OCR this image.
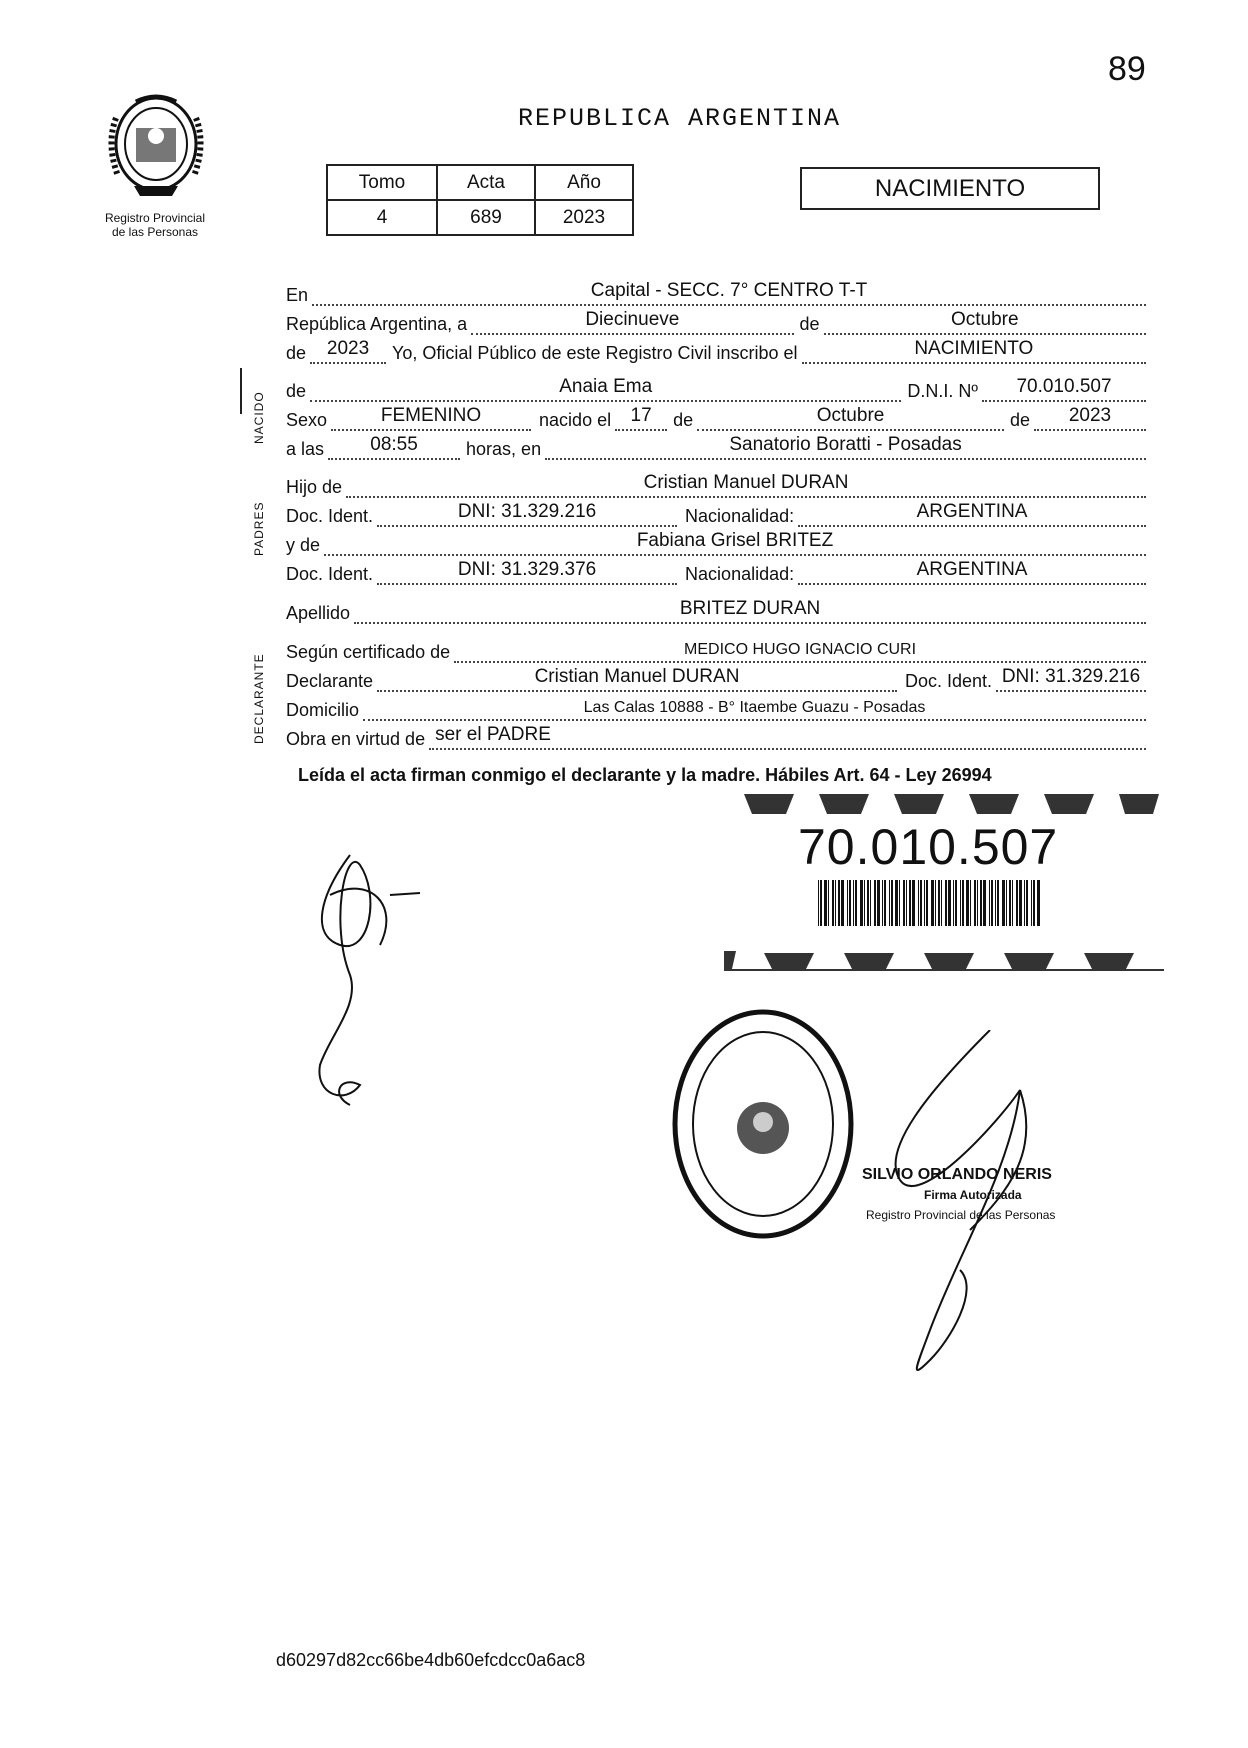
89
Registro Provincial
de las Personas
REPUBLICA ARGENTINA
Tomo	Acta	Año
4	689	2023
NACIMIENTO
NACIDO
PADRES
DECLARANTE
En	Capital - SECC. 7° CENTRO T-T
República Argentina, a	Diecinueve	de	Octubre
de	2023	Yo, Oficial Público de este Registro Civil inscribo el	NACIMIENTO
de	Anaia Ema	D.N.I. Nº	70.010.507
Sexo	FEMENINO	nacido el	17	de	Octubre	de	2023
a las	08:55	horas, en	Sanatorio Boratti - Posadas
Hijo de	Cristian Manuel DURAN
Doc. Ident.	DNI: 31.329.216	Nacionalidad:	ARGENTINA
y de	Fabiana Grisel BRITEZ
Doc. Ident.	DNI: 31.329.376	Nacionalidad:	ARGENTINA
Apellido	BRITEZ DURAN
Según certificado de	MEDICO HUGO IGNACIO CURI
Declarante	Cristian Manuel DURAN	Doc. Ident. DNI: 31.329.216
Domicilio	Las Calas 10888 - B° Itaembe Guazu - Posadas
Obra en virtud de ser el PADRE
Leída el acta firman conmigo el declarante y la madre. Hábiles Art. 64 - Ley 26994
70.010.507
SILVIO ORLANDO NERIS
Firma Autorizada
Registro Provincial de las Personas
d60297d82cc66be4db60efcdcc0a6ac8
